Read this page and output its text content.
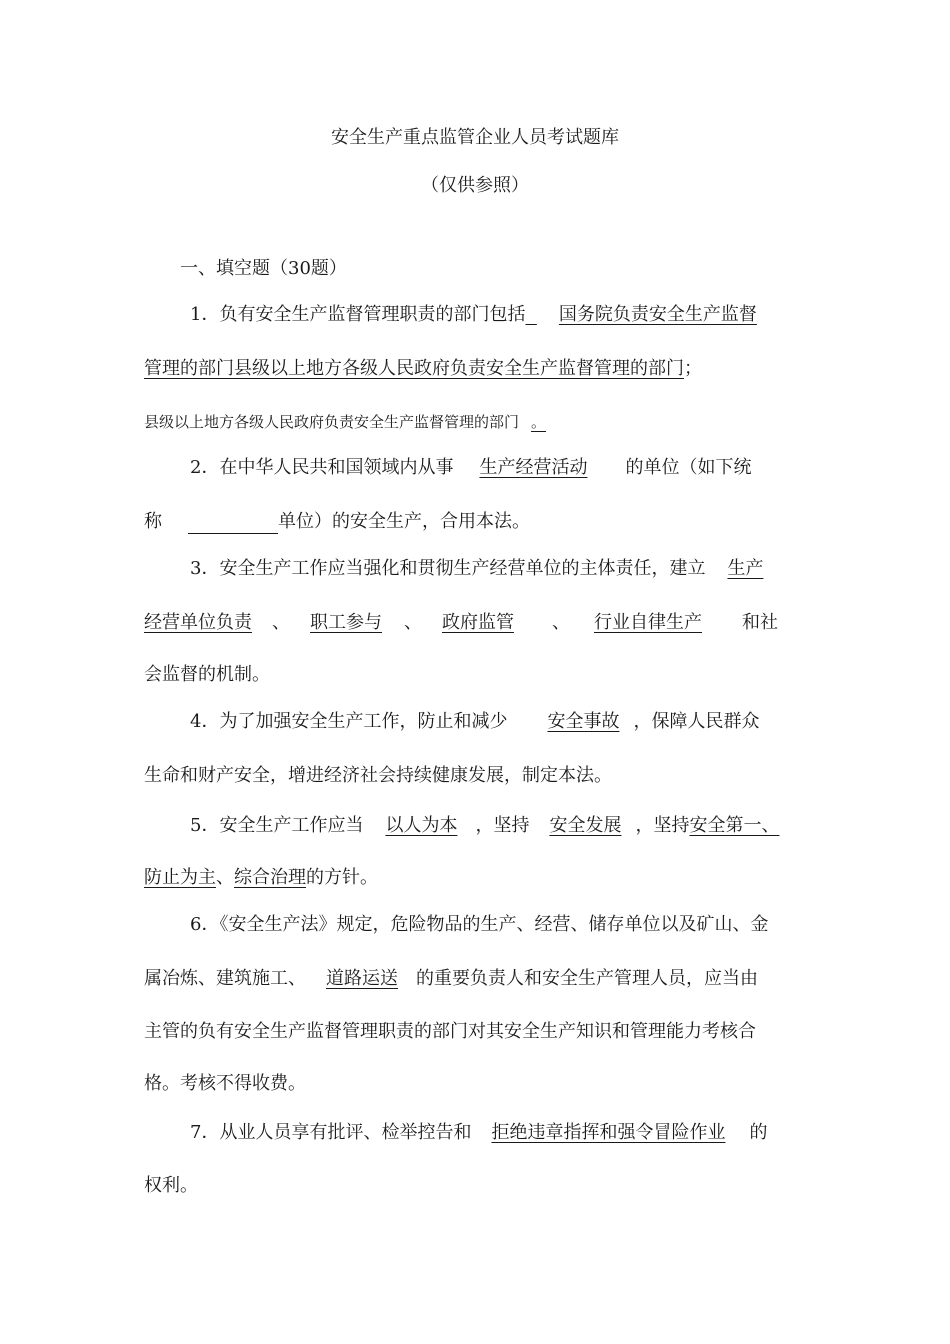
安全生产重点监管企业人员考试题库
（仅供参照）
一、填空题（30题）
1．负有安全生产监督管理职责的部门包括 国务院负责安全生产监督
管理的部门县级以上地方各级人民政府负责安全生产监督管理的部门；
县级以上地方各级人民政府负责安全生产监督管理的部门 。
2．在中华人民共和国领域内从事 生产经营活动 的单位（如下统
称	单位）的安全生产，合用本法。
3．安全生产工作应当强化和贯彻生产经营单位的主体责任，建立 生产
经营单位负责 、 职工参与 、 政府监管 、 行业自律生产 和社
会监督的机制。
4．为了加强安全生产工作，防止和减少 安全事故 ，保障人民群众
生命和财产安全，增进经济社会持续健康发展，制定本法。
5．安全生产工作应当 以人为本 ，坚持 安全发展 ，坚持安全第一、
防止为主、综合治理的方针。
6．《安全生产法》规定，危险物品的生产、经营、储存单位以及矿山、金
属冶炼、建筑施工、 道路运送 的重要负责人和安全生产管理人员，应当由
主管的负有安全生产监督管理职责的部门对其安全生产知识和管理能力考核合
格。考核不得收费。
7．从业人员享有批评、检举控告和 拒绝违章指挥和强令冒险作业 的
权利。
